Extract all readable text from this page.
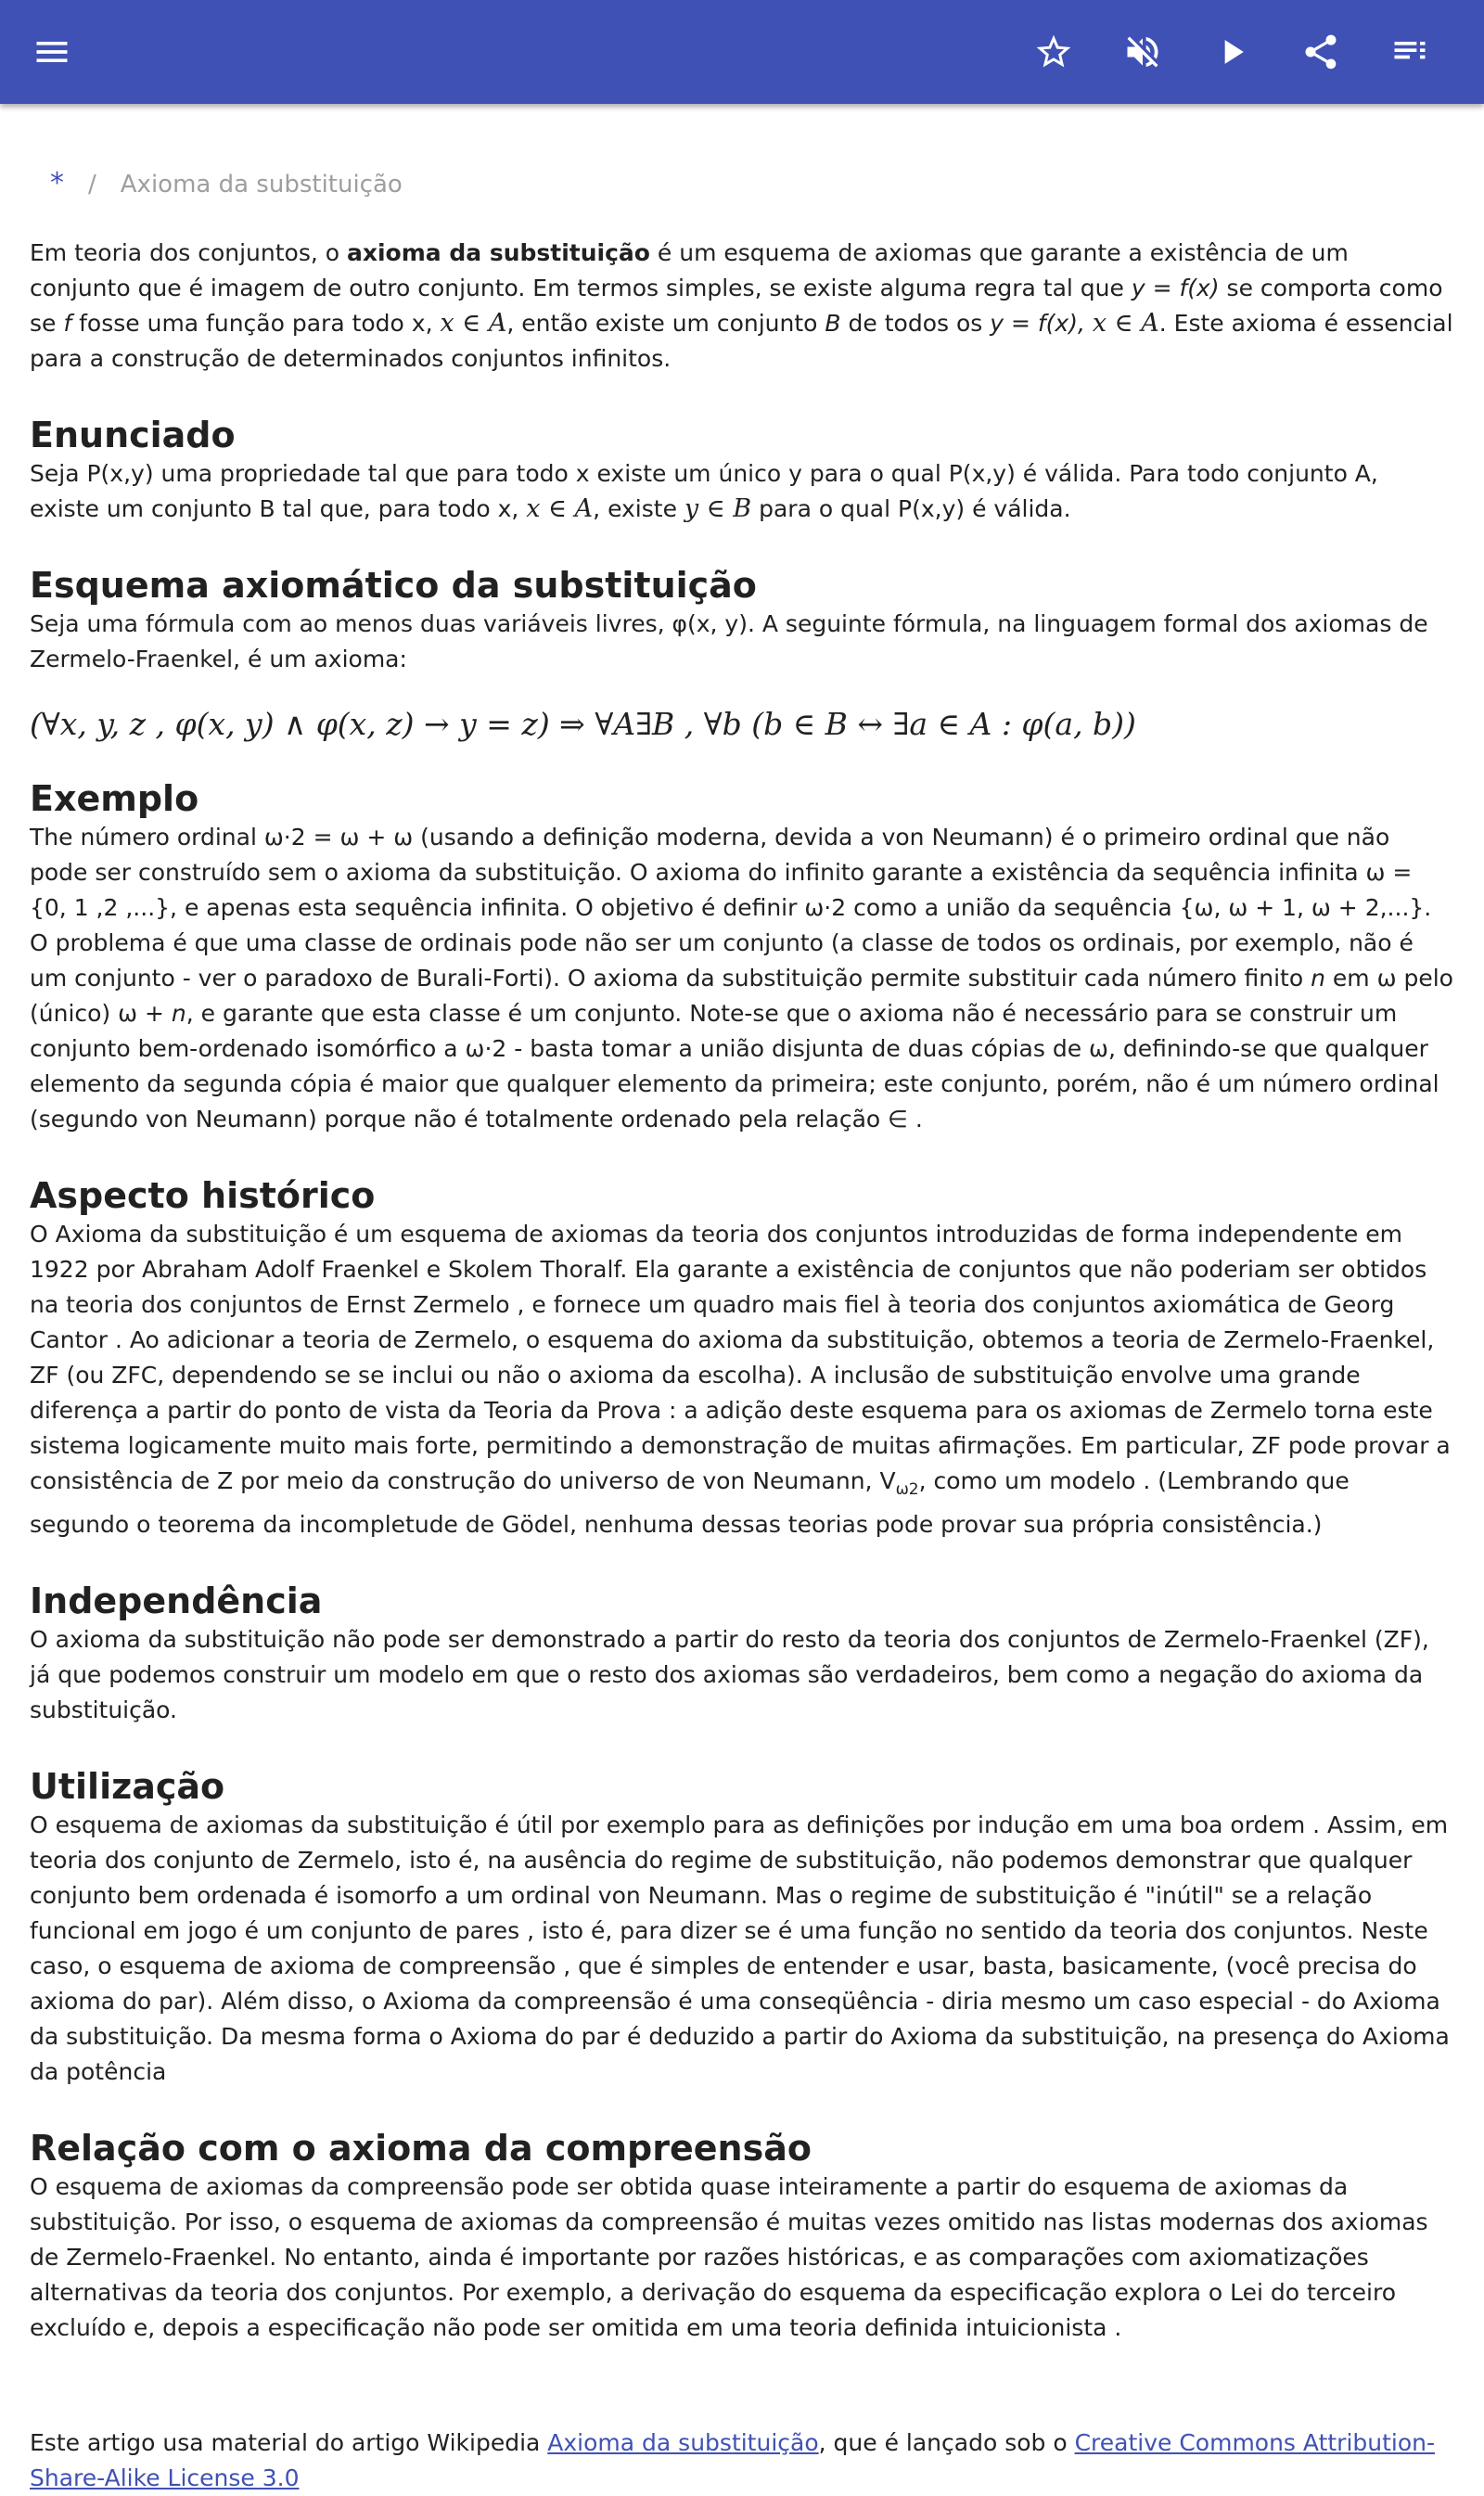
* / Axioma da substituição

Em teoria dos conjuntos, o axioma da substituição é um esquema de axiomas que garante a existência de um conjunto que é imagem de outro conjunto. Em termos simples, se existe alguma regra tal que y = f(x) se comporta como se f fosse uma função para todo x, x ∈ A, então existe um conjunto B de todos os y = f(x), x ∈ A. Este axioma é essencial para a construção de determinados conjuntos infinitos.

Enunciado

Seja P(x,y) uma propriedade tal que para todo x existe um único y para o qual P(x,y) é válida. Para todo conjunto A, existe um conjunto B tal que, para todo x, x ∈ A, existe y ∈ B para o qual P(x,y) é válida.

Esquema axiomático da substituição

Seja uma fórmula com ao menos duas variáveis livres, φ(x, y). A seguinte fórmula, na linguagem formal dos axiomas de Zermelo-Fraenkel, é um axioma:

(∀x, y, z , φ(x, y) ∧ φ(x, z) → y = z) ⇒ ∀A∃B , ∀b (b ∈ B ↔ ∃a ∈ A : φ(a, b))
Exemplo

The número ordinal ω·2 = ω + ω (usando a definição moderna, devida a von Neumann) é o primeiro ordinal que não pode ser construído sem o axioma da substituição. O axioma do infinito garante a existência da sequência infinita ω = {0, 1 ,2 ,...}, e apenas esta sequência infinita. O objetivo é definir ω·2 como a união da sequência {ω, ω + 1, ω + 2,...}. O problema é que uma classe de ordinais pode não ser um conjunto (a classe de todos os ordinais, por exemplo, não é um conjunto - ver o paradoxo de Burali-Forti). O axioma da substituição permite substituir cada número finito n em ω pelo (único) ω + n, e garante que esta classe é um conjunto. Note-se que o axioma não é necessário para se construir um conjunto bem-ordenado isomórfico a ω·2 - basta tomar a união disjunta de duas cópias de ω, definindo-se que qualquer elemento da segunda cópia é maior que qualquer elemento da primeira; este conjunto, porém, não é um número ordinal (segundo von Neumann) porque não é totalmente ordenado pela relação ∈ .

Aspecto histórico

O Axioma da substituição é um esquema de axiomas da teoria dos conjuntos introduzidas de forma independente em 1922 por Abraham Adolf Fraenkel e Skolem Thoralf. Ela garante a existência de conjuntos que não poderiam ser obtidos na teoria dos conjuntos de Ernst Zermelo , e fornece um quadro mais fiel à teoria dos conjuntos axiomática de Georg Cantor . Ao adicionar a teoria de Zermelo, o esquema do axioma da substituição, obtemos a teoria de Zermelo-Fraenkel, ZF (ou ZFC, dependendo se se inclui ou não o axioma da escolha). A inclusão de substituição envolve uma grande diferença a partir do ponto de vista da Teoria da Prova : a adição deste esquema para os axiomas de Zermelo torna este sistema logicamente muito mais forte, permitindo a demonstração de muitas afirmações. Em particular, ZF pode provar a consistência de Z por meio da construção do universo de von Neumann, $V_{\omega 2}$, como um modelo . (Lembrando que segundo o teorema da incompletude de Gödel, nenhuma dessas teorias pode provar sua própria consistência.)

Independência

O axioma da substituição não pode ser demonstrado a partir do resto da teoria dos conjuntos de Zermelo-Fraenkel (ZF), já que podemos construir um modelo em que o resto dos axiomas são verdadeiros, bem como a negação do axioma da substituição.

Utilização

O esquema de axiomas da substituição é útil por exemplo para as definições por indução em uma boa ordem . Assim, em teoria dos conjunto de Zermelo, isto é, na ausência do regime de substituição, não podemos demonstrar que qualquer conjunto bem ordenada é isomorfo a um ordinal von Neumann. Mas o regime de substituição é "inútil" se a relação funcional em jogo é um conjunto de pares , isto é, para dizer se é uma função no sentido da teoria dos conjuntos. Neste caso, o esquema de axioma de compreensão , que é simples de entender e usar, basta, basicamente, (você precisa do axioma do par). Além disso, o Axioma da compreensão é uma conseqüência - diria mesmo um caso especial - do Axioma da substituição. Da mesma forma o Axioma do par é deduzido a partir do Axioma da substituição, na presença do Axioma da potência

Relação com o axioma da compreensão

O esquema de axiomas da compreensão pode ser obtida quase inteiramente a partir do esquema de axiomas da substituição. Por isso, o esquema de axiomas da compreensão é muitas vezes omitido nas listas modernas dos axiomas de Zermelo-Fraenkel. No entanto, ainda é importante por razões históricas, e as comparações com axiomatizações alternativas da teoria dos conjuntos. Por exemplo, a derivação do esquema da especificação explora o Lei do terceiro excluído e, depois a especificação não pode ser omitida em uma teoria definida intuicionista .

Este artigo usa material do artigo Wikipedia Axioma da substituição, que é lançado sob o Creative Commons Attribution-Share-Alike License 3.0
